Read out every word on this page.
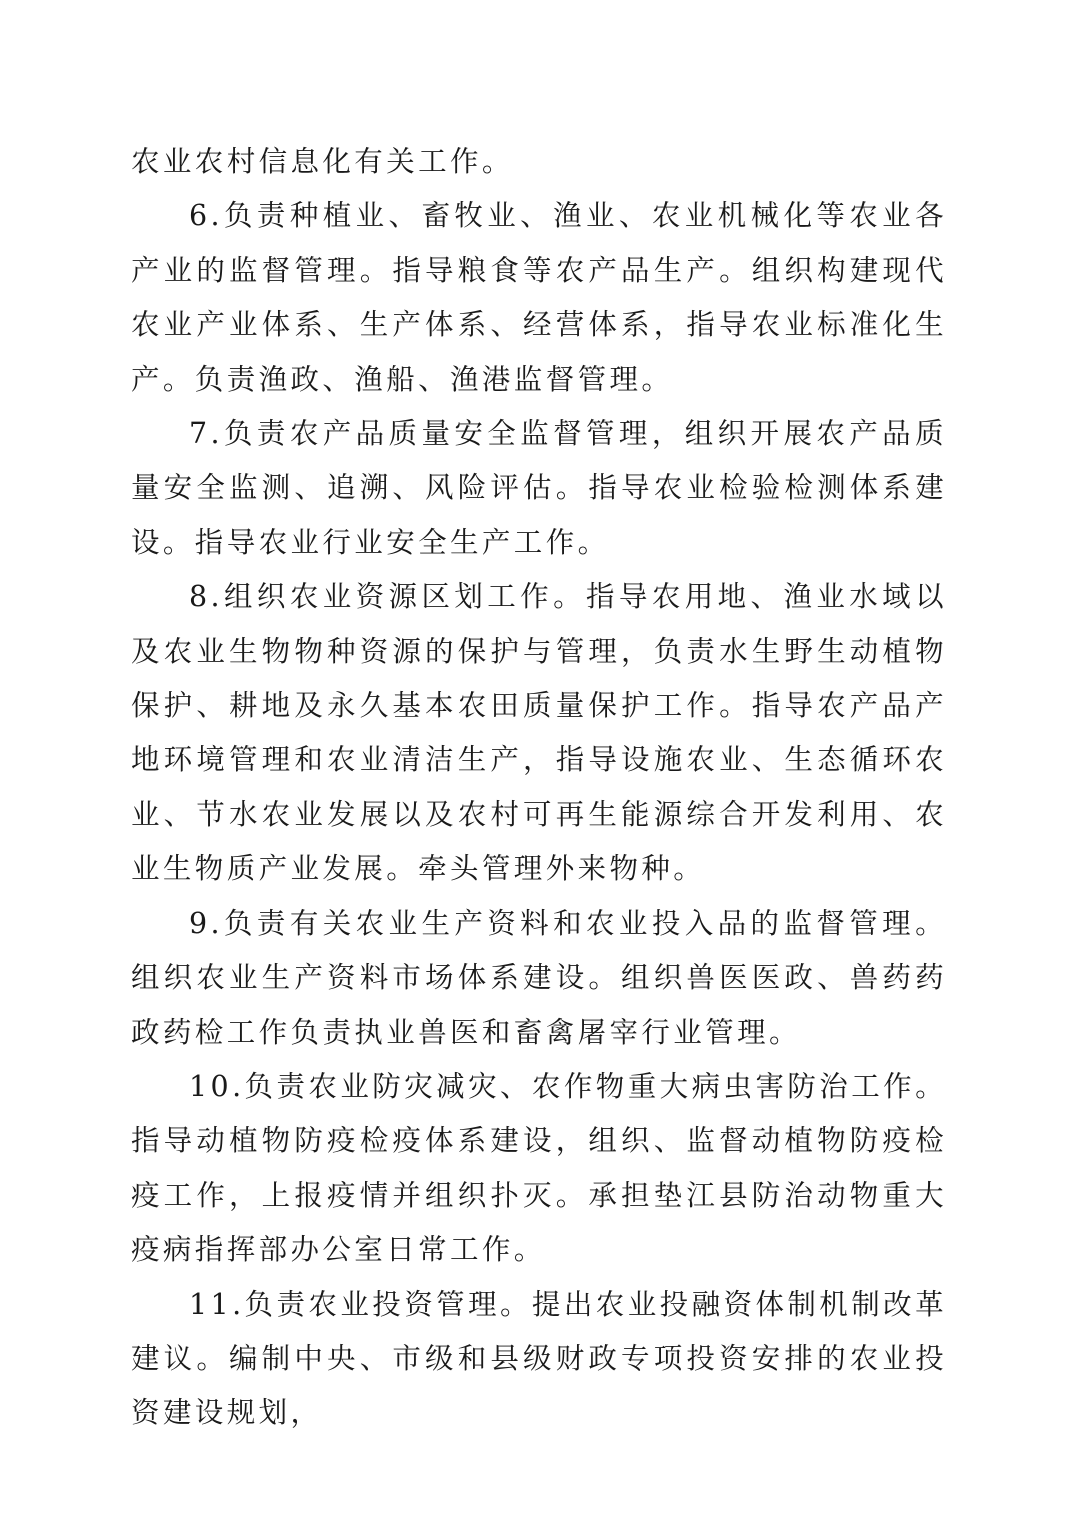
农业农村信息化有关工作。

6.负责种植业、畜牧业、渔业、农业机械化等农业各产业的监督管理。指导粮食等农产品生产。组织构建现代农业产业体系、生产体系、经营体系，指导农业标准化生产。负责渔政、渔船、渔港监督管理。

7.负责农产品质量安全监督管理，组织开展农产品质量安全监测、追溯、风险评估。指导农业检验检测体系建设。指导农业行业安全生产工作。

8.组织农业资源区划工作。指导农用地、渔业水域以及农业生物物种资源的保护与管理，负责水生野生动植物保护、耕地及永久基本农田质量保护工作。指导农产品产地环境管理和农业清洁生产，指导设施农业、生态循环农业、节水农业发展以及农村可再生能源综合开发利用、农业生物质产业发展。牵头管理外来物种。

9.负责有关农业生产资料和农业投入品的监督管理。组织农业生产资料市场体系建设。组织兽医医政、兽药药政药检工作负责执业兽医和畜禽屠宰行业管理。

10.负责农业防灾减灾、农作物重大病虫害防治工作。指导动植物防疫检疫体系建设，组织、监督动植物防疫检疫工作，上报疫情并组织扑灭。承担垫江县防治动物重大疫病指挥部办公室日常工作。

11.负责农业投资管理。提出农业投融资体制机制改革建议。编制中央、市级和县级财政专项投资安排的农业投资建设规划，
